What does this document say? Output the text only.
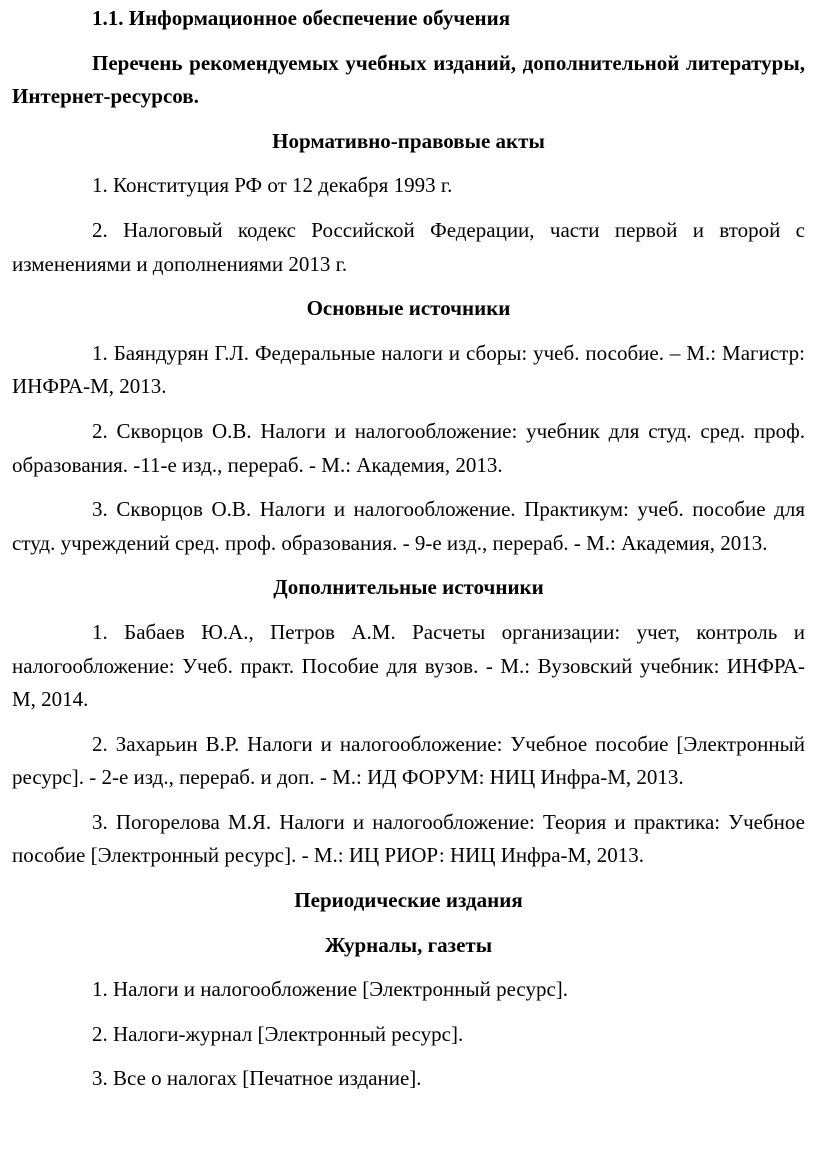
1.1. Информационное обеспечение обучения

Перечень рекомендуемых учебных изданий, дополнительной литературы, Интернет-ресурсов.

Нормативно-правовые акты

1. Конституция РФ от 12 декабря 1993 г.

2. Налоговый кодекс Российской Федерации, части первой и второй с изменениями и дополнениями 2013 г.

Основные источники

1. Баяндурян Г.Л. Федеральные налоги и сборы: учеб. пособие. – М.: Магистр: ИНФРА-М, 2013.

2. Скворцов О.В. Налоги и налогообложение: учебник для студ. сред. проф. образования. -11-е изд., перераб. - М.: Академия, 2013.

3. Скворцов О.В. Налоги и налогообложение. Практикум: учеб. пособие для студ. учреждений сред. проф. образования. - 9-е изд., перераб. - М.: Академия, 2013.

Дополнительные источники

1. Бабаев Ю.А., Петров А.М. Расчеты организации: учет, контроль и налогообложение: Учеб. практ. Пособие для вузов. - М.: Вузовский учебник: ИНФРА-М, 2014.

2. Захарьин В.Р. Налоги и налогообложение: Учебное пособие [Электронный ресурс]. - 2-е изд., перераб. и доп. - М.: ИД ФОРУМ: НИЦ Инфра-М, 2013.

3. Погорелова М.Я. Налоги и налогообложение: Теория и практика: Учебное пособие [Электронный ресурс]. - М.: ИЦ РИОР: НИЦ Инфра-М, 2013.

Периодические издания

Журналы, газеты

1. Налоги и налогообложение [Электронный ресурс].

2. Налоги-журнал [Электронный ресурс].

3. Все о налогах [Печатное издание].
